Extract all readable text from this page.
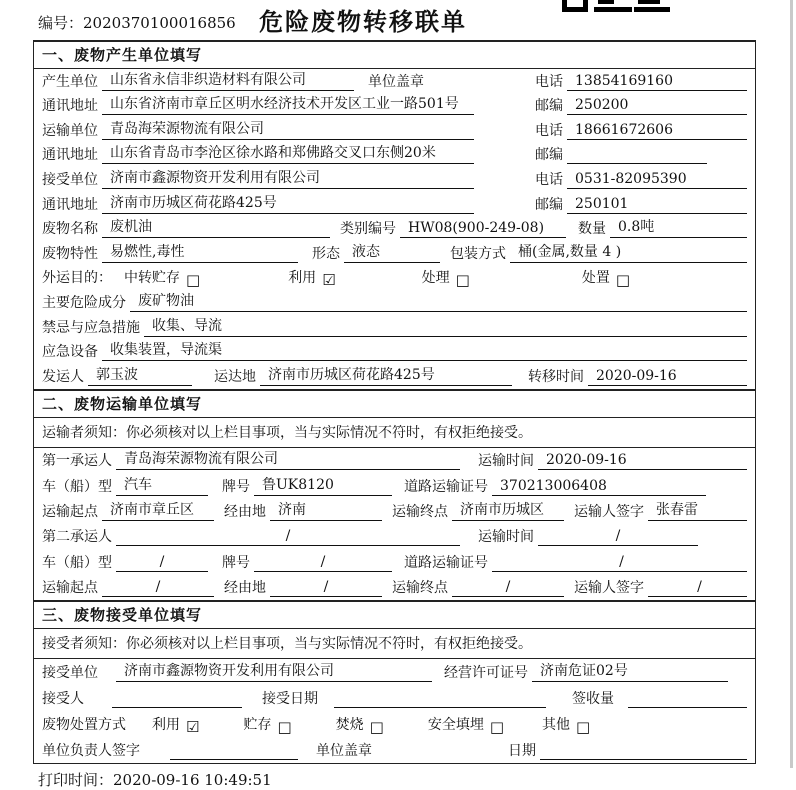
编号：2020370100016856 危险废物转移联单
一、废物产生单位填写
产生单位 山东省永信非织造材料有限公司	单位盖章	电话 13854169160
通讯地址 山东省济南市章丘区明水经济技术开发区工业一路501号	邮编 250200
运输单位 青岛海荣源物流有限公司	电话 18661672606
通讯地址 山东省青岛市李沧区徐水路和郑佛路交叉口东侧20米	邮编
接受单位 济南市鑫源物资开发利用有限公司	电话 0531-82095390
通讯地址 济南市历城区荷花路425号	邮编 250101
废物名称 废机油	类别编号 HW08(900-249-08)	数量 0.8吨
废物特性 易燃性,毒性	形态 液态	包装方式 桶(金属,数量 4 )
外运目的： 中转贮存 □	利用 ☑	处理 □	处置 □
主要危险成分 废矿物油
禁忌与应急措施 收集、导流
应急设备 收集装置，导流渠
发运人 郭玉波	运达地 济南市历城区荷花路425号	转移时间 2020-09-16
二、废物运输单位填写
运输者须知：你必须核对以上栏目事项，当与实际情况不符时，有权拒绝接受。
第一承运人 青岛海荣源物流有限公司	运输时间 2020-09-16
车（船）型 汽车	牌号 鲁UK8120	道路运输证号 370213006408
运输起点 济南市章丘区	经由地 济南	运输终点 济南市历城区	运输人签字 张春雷
第二承运人	/	运输时间	/
车（船）型	/	牌号	/	道路运输证号	/
运输起点	/	经由地	/	运输终点	/	运输人签字	/
三、废物接受单位填写
接受者须知：你必须核对以上栏目事项，当与实际情况不符时，有权拒绝接受。
接受单位	济南市鑫源物资开发利用有限公司	经营许可证号 济南危证02号
接受人	接受日期	签收量
废物处置方式 利用 ☑	贮存 □	焚烧 □	安全填埋 □	其他 □
单位负责人签字	单位盖章	日期
打印时间：2020-09-16 10:49:51
